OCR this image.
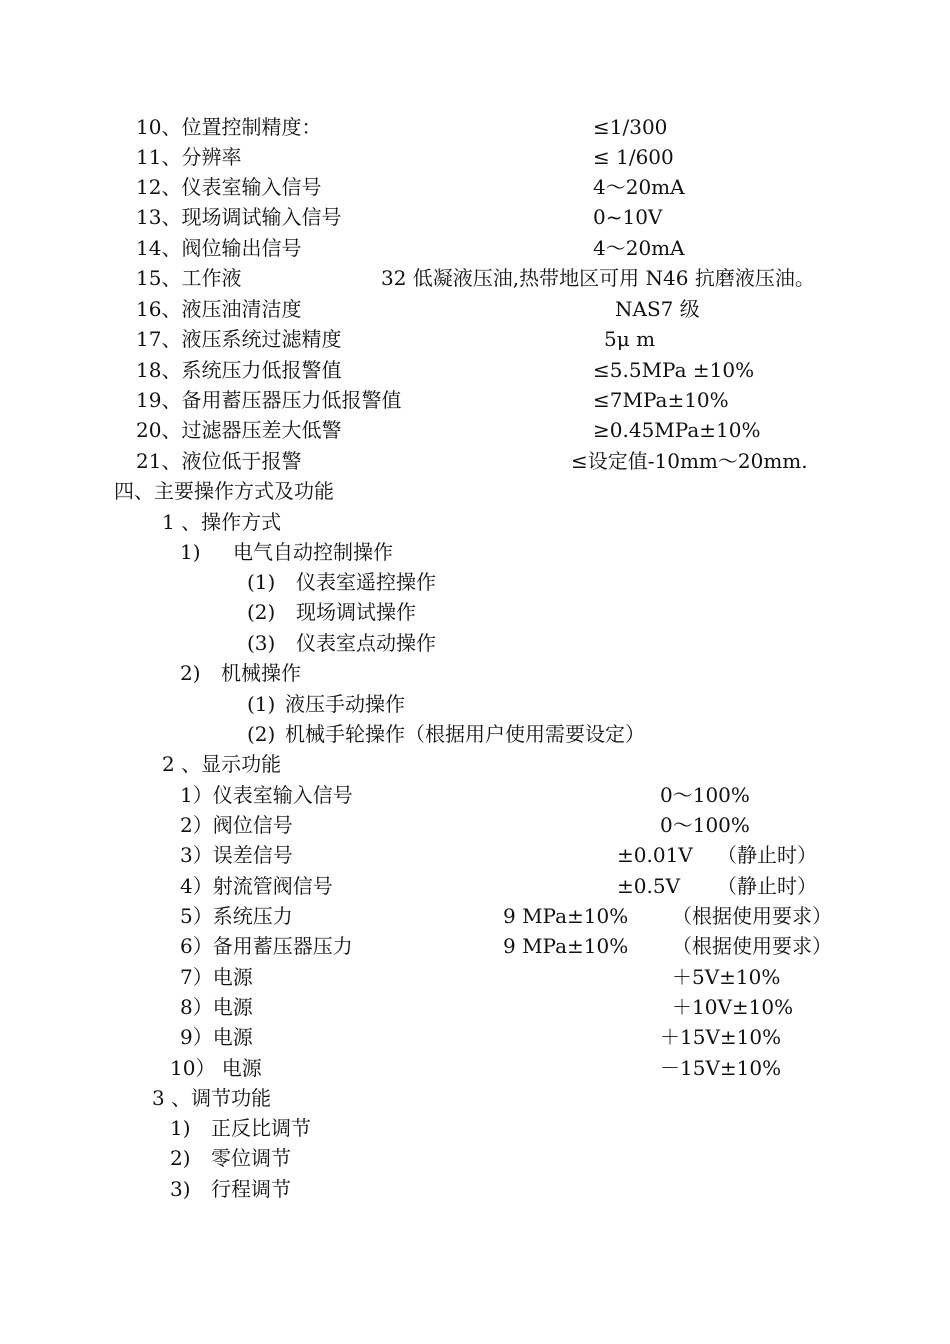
10、位置控制精度：	≤1/300
11、分辨率	≤ 1/600
12、仪表室输入信号	4～20mA
13、现场调试输入信号	0~10V
14、阀位输出信号	4～20mA
15、工作液	32 低凝液压油,热带地区可用 N46 抗磨液压油。
16、液压油清洁度	NAS7 级
17、液压系统过滤精度	5μ m
18、系统压力低报警值	≤5.5MPa ±10%
19、备用蓄压器压力低报警值	≤7MPa±10%
20、过滤器压差大低警	≥0.45MPa±10%
21、液位低于报警	≤设定值-10mm～20mm.
四、主要操作方式及功能
1 、操作方式
1) 电气自动控制操作
(1) 仪表室遥控操作
(2) 现场调试操作
(3) 仪表室点动操作
2) 机械操作
(1) 液压手动操作
(2) 机械手轮操作（根据用户使用需要设定）
2 、显示功能
1）仪表室输入信号	0～100%
2）阀位信号	0～100%
3）误差信号	±0.01V （静止时）
4）射流管阀信号	±0.5V （静止时）
5）系统压力	9 MPa±10% （根据使用要求）
6）备用蓄压器压力	9 MPa±10% （根据使用要求）
7）电源	＋5V±10%
8）电源	＋10V±10%
9）电源	＋15V±10%
10） 电源	－15V±10%
3 、调节功能
1) 正反比调节
2) 零位调节
3) 行程调节
